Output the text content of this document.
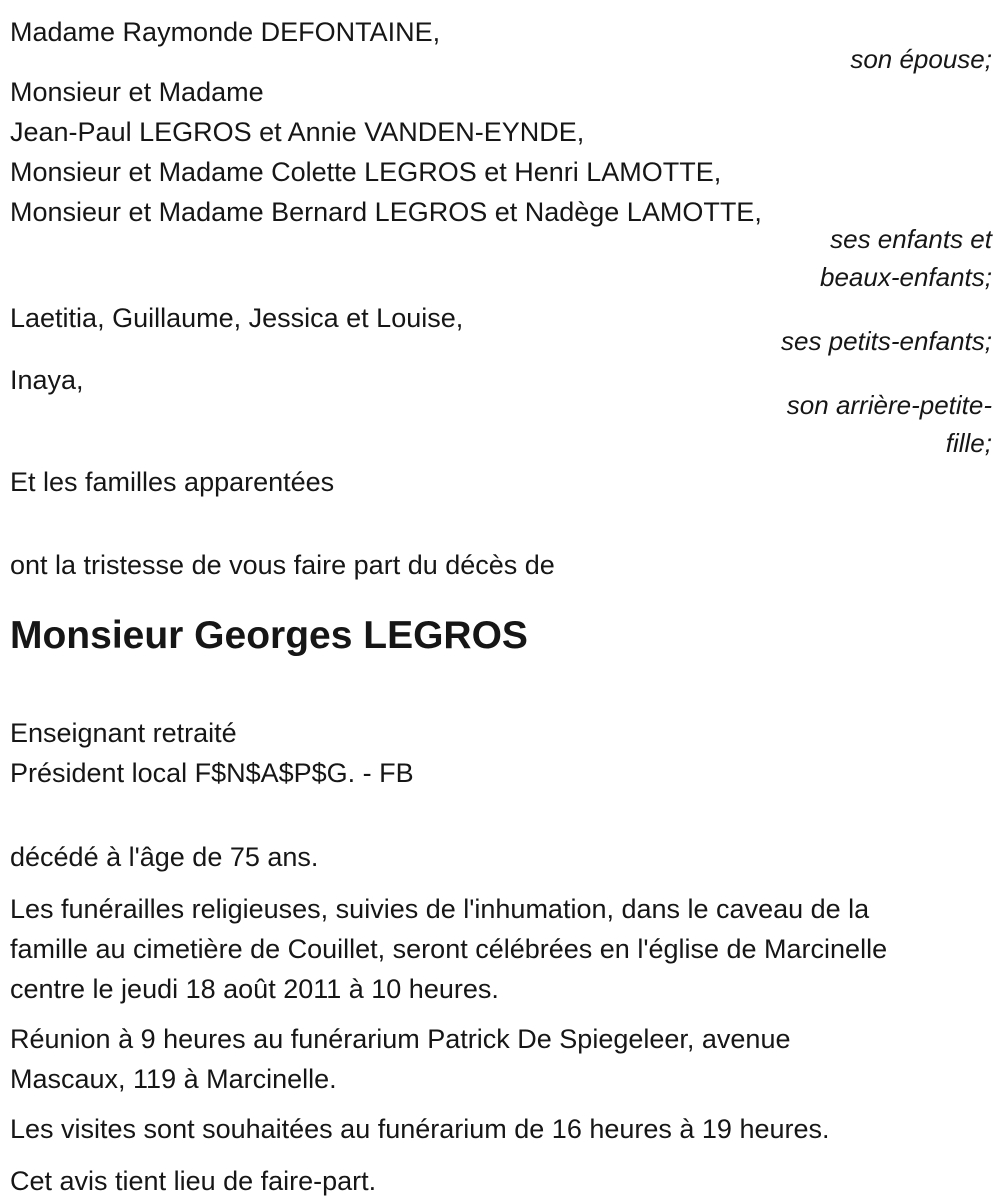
Madame Raymonde DEFONTAINE,
son épouse;
Monsieur et Madame
Jean-Paul LEGROS et Annie VANDEN-EYNDE,
Monsieur et Madame Colette LEGROS et Henri LAMOTTE,
Monsieur et Madame Bernard LEGROS et Nadège LAMOTTE,
ses enfants et
beaux-enfants;
Laetitia, Guillaume, Jessica et Louise,
ses petits-enfants;
Inaya,
son arrière-petite-
fille;
Et les familles apparentées
ont la tristesse de vous faire part du décès de
Monsieur Georges LEGROS
Enseignant retraité
Président local F$N$A$P$G. - FB
décédé à l'âge de 75 ans.
Les funérailles religieuses, suivies de l'inhumation, dans le caveau de la
famille au cimetière de Couillet, seront célébrées en l'église de Marcinelle
centre le jeudi 18 août 2011 à 10 heures.
Réunion à 9 heures au funérarium Patrick De Spiegeleer, avenue
Mascaux, 119 à Marcinelle.
Les visites sont souhaitées au funérarium de 16 heures à 19 heures.
Cet avis tient lieu de faire-part.
